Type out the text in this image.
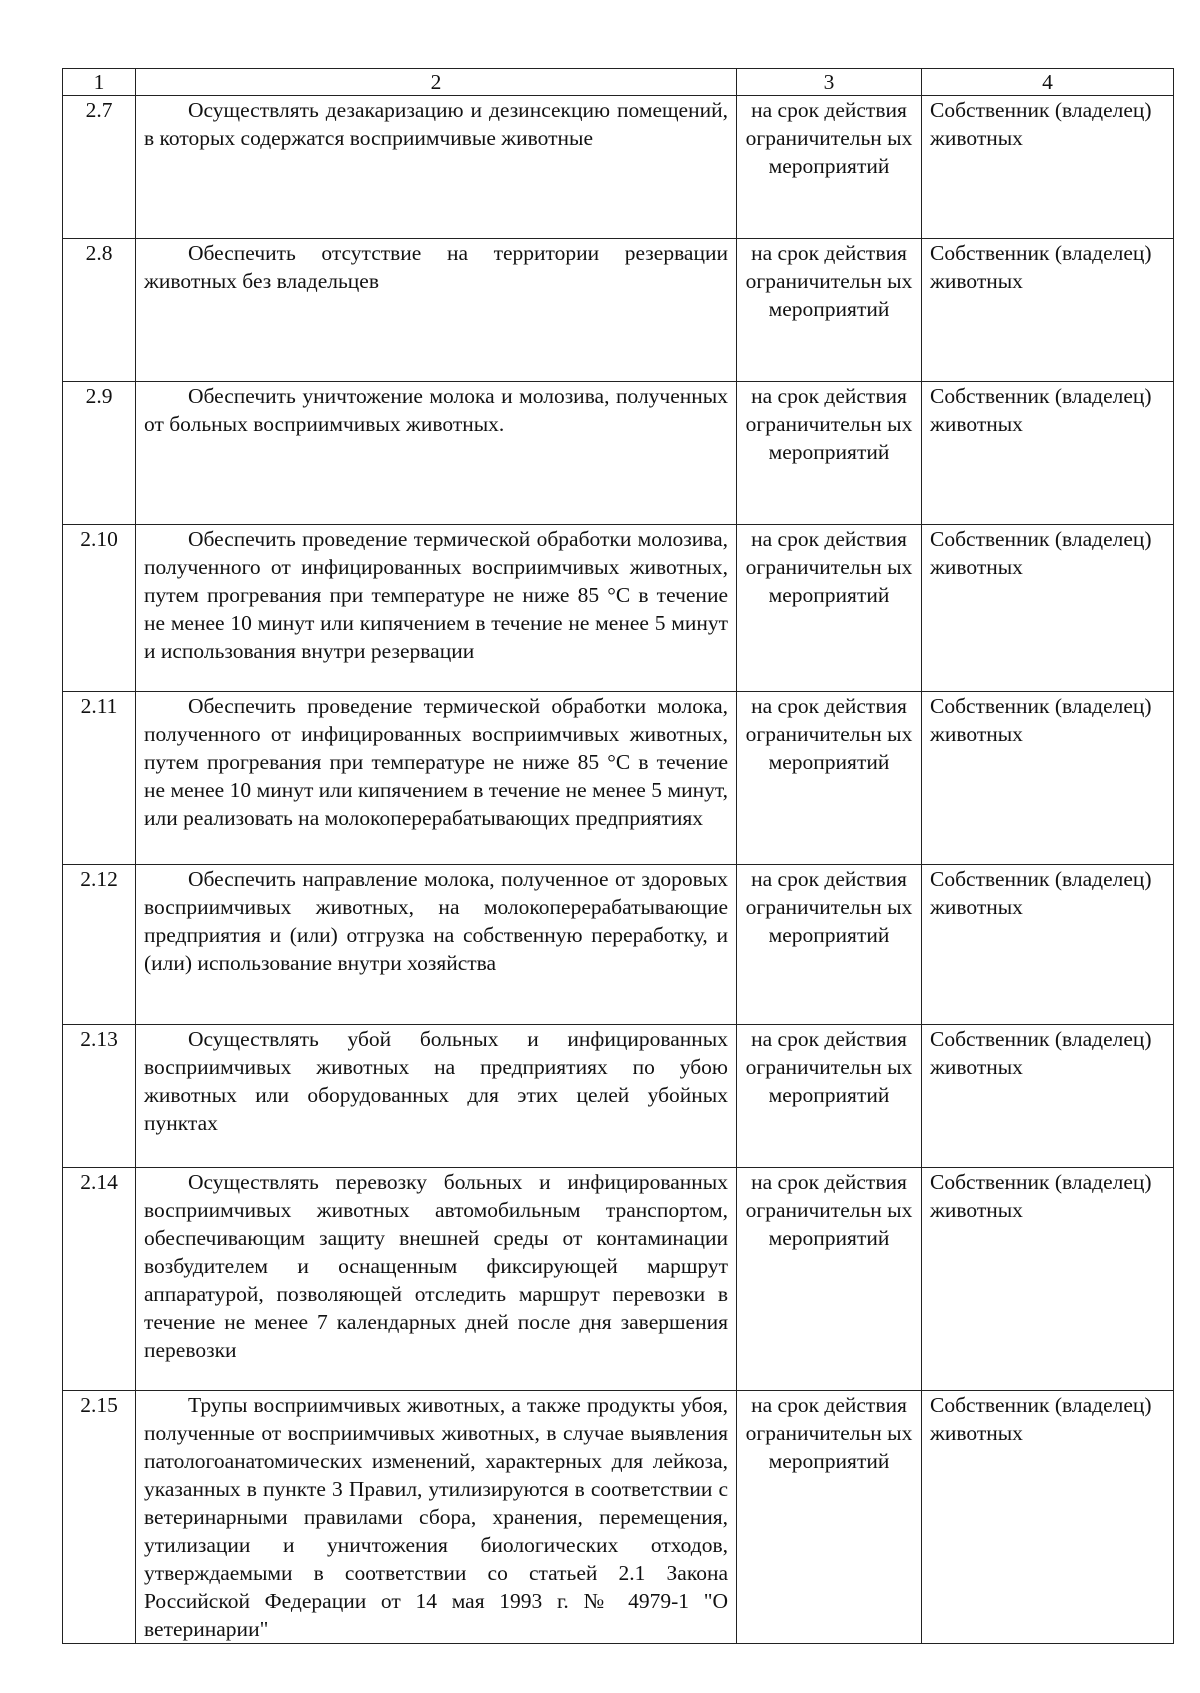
1	2	3	4
2.7	Осуществлять дезакаризацию и дезинсекцию помещений, в которых содержатся восприимчивые животные	на срок действия ограничительн ых мероприятий	Собственник (владелец) животных
2.8	Обеспечить отсутствие на территории резервации животных без владельцев	на срок действия ограничительн ых мероприятий	Собственник (владелец) животных
2.9	Обеспечить уничтожение молока и молозива, полученных от больных восприимчивых животных.	на срок действия ограничительн ых мероприятий	Собственник (владелец) животных
2.10	Обеспечить проведение термической обработки молозива, полученного от инфицированных восприимчивых животных, путем прогревания при температуре не ниже 85 °С в течение не менее 10 минут или кипячением в течение не менее 5 минут и использования внутри резервации	на срок действия ограничительн ых мероприятий	Собственник (владелец) животных
2.11	Обеспечить проведение термической обработки молока, полученного от инфицированных восприимчивых животных, путем прогревания при температуре не ниже 85 °С в течение не менее 10 минут или кипячением в течение не менее 5 минут, или реализовать на молокоперерабатывающих предприятиях	на срок действия ограничительн ых мероприятий	Собственник (владелец) животных
2.12	Обеспечить направление молока, полученное от здоровых восприимчивых животных, на молокоперерабатывающие предприятия и (или) отгрузка на собственную переработку, и (или) использование внутри хозяйства	на срок действия ограничительн ых мероприятий	Собственник (владелец) животных
2.13	Осуществлять убой больных и инфицированных восприимчивых животных на предприятиях по убою животных или оборудованных для этих целей убойных пунктах	на срок действия ограничительн ых мероприятий	Собственник (владелец) животных
2.14	Осуществлять перевозку больных и инфицированных восприимчивых животных автомобильным транспортом, обеспечивающим защиту внешней среды от контаминации возбудителем и оснащенным фиксирующей маршрут аппаратурой, позволяющей отследить маршрут перевозки в течение не менее 7 календарных дней после дня завершения перевозки	на срок действия ограничительн ых мероприятий	Собственник (владелец) животных
2.15	Трупы восприимчивых животных, а также продукты убоя, полученные от восприимчивых животных, в случае выявления патологоанатомических изменений, характерных для лейкоза, указанных в пункте 3 Правил, утилизируются в соответствии с ветеринарными правилами сбора, хранения, перемещения, утилизации и уничтожения биологических отходов, утверждаемыми в соответствии со статьей 2.1 Закона Российской Федерации от 14 мая 1993 г. № 4979-1 "О ветеринарии"	на срок действия ограничительн ых мероприятий	Собственник (владелец) животных
